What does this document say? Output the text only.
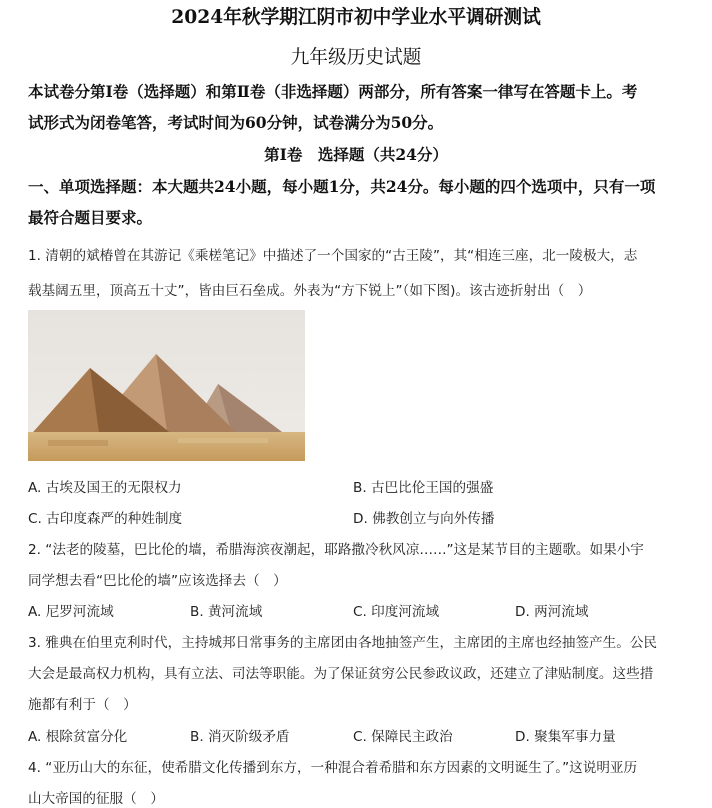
2024年秋学期江阴市初中学业水平调研测试
九年级历史试题
本试卷分第Ⅰ卷（选择题）和第Ⅱ卷（非选择题）两部分，所有答案一律写在答题卡上。考
试形式为闭卷笔答，考试时间为60分钟，试卷满分为50分。
第Ⅰ卷　选择题（共24分）
一、单项选择题：本大题共24小题，每小题1分，共24分。每小题的四个选项中，只有一项
最符合题目要求。
1. 清朝的斌椿曾在其游记《乘槎笔记》中描述了一个国家的“古王陵”，其“相连三座，北一陵极大，志
载基阔五里，顶高五十丈”，皆由巨石垒成。外表为“方下锐上”（如下图)。该古迹折射出（　）
A. 古埃及国王的无限权力	B. 古巴比伦王国的强盛
C. 古印度森严的种姓制度	D. 佛教创立与向外传播
2. “法老的陵墓，巴比伦的墙，希腊海滨夜潮起，耶路撒冷秋风凉……”这是某节目的主题歌。如果小宇
同学想去看“巴比伦的墙”应该选择去（　）
A. 尼罗河流域	B. 黄河流域	C. 印度河流域	D. 两河流域
3. 雅典在伯里克利时代，主持城邦日常事务的主席团由各地抽签产生，主席团的主席也经抽签产生。公民
大会是最高权力机构，具有立法、司法等职能。为了保证贫穷公民参政议政，还建立了津贴制度。这些措
施都有利于（　）
A. 根除贫富分化	B. 消灭阶级矛盾	C. 保障民主政治	D. 聚集军事力量
4. “亚历山大的东征，使希腊文化传播到东方，一种混合着希腊和东方因素的文明诞生了。”这说明亚历
山大帝国的征服（　）
